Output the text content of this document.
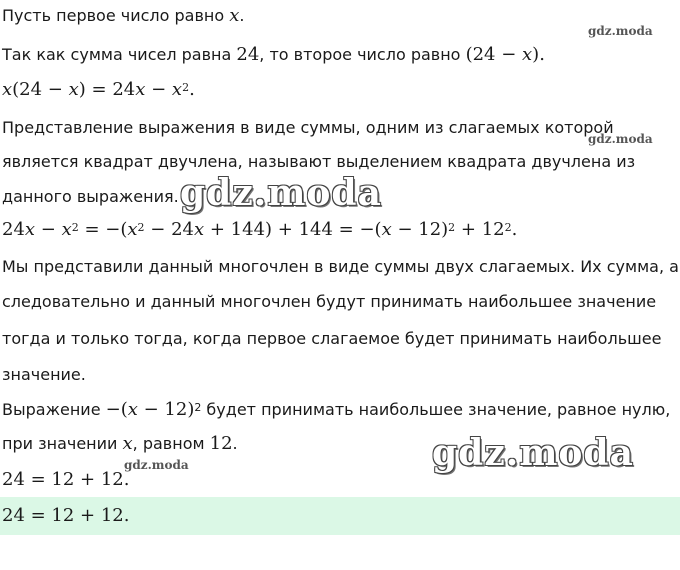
Пусть первое число равно x.
Так как сумма чисел равна 24, то второе число равно (24 − x).
$x(24 - x) = 24x - x^2$.
Представление выражения в виде суммы, одним из слагаемых которой
является квадрат двучлена, называют выделением квадрата двучлена из
данного выражения.
$24x - x^2 = -(x^2 - 24x + 144) + 144 = -(x - 12)^2 + 12^2$.
Мы представили данный многочлен в виде суммы двух слагаемых. Их сумма, а
следовательно и данный многочлен будут принимать наибольшее значение
тогда и только тогда, когда первое слагаемое будет принимать наибольшее
значение.
Выражение $-(x - 12)^2$ будет принимать наибольшее значение, равное нулю,
при значении x, равном 12.
24 = 12 + 12.
24 = 12 + 12.
gdz.moda
gdz.moda
gdz.moda
gdz.moda
gdz.moda
